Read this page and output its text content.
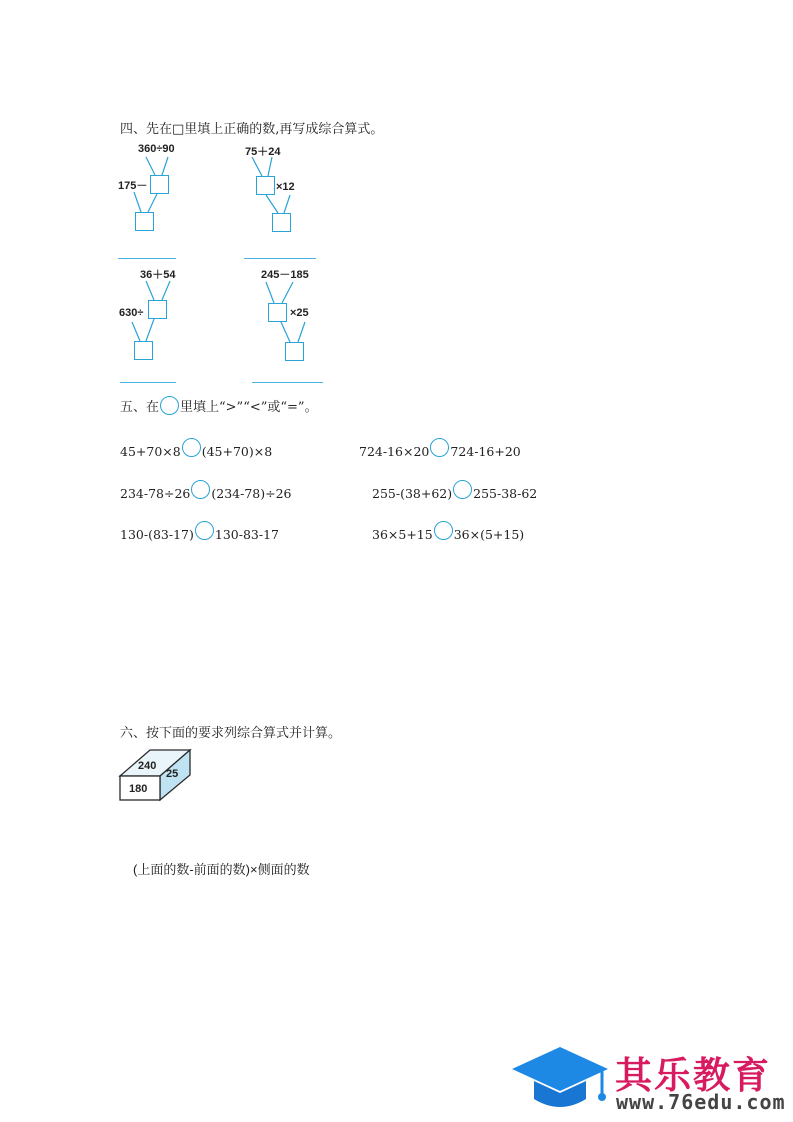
四、先在□里填上正确的数,再写成综合算式。
360÷90
175－
75＋24
×12
36＋54
630÷
245－185
×25
五、在 里填上“>”“<”或“=”。
45+70×8 (45+70)×8	724-16×20 724-16+20
234-78÷26 (234-78)÷26	255-(38+62) 255-38-62
130-(83-17) 130-83-17	36×5+15 36×(5+15)
六、按下面的要求列综合算式并计算。
240
25
180
(上面的数-前面的数)×侧面的数
其乐教育
www.76edu.com
